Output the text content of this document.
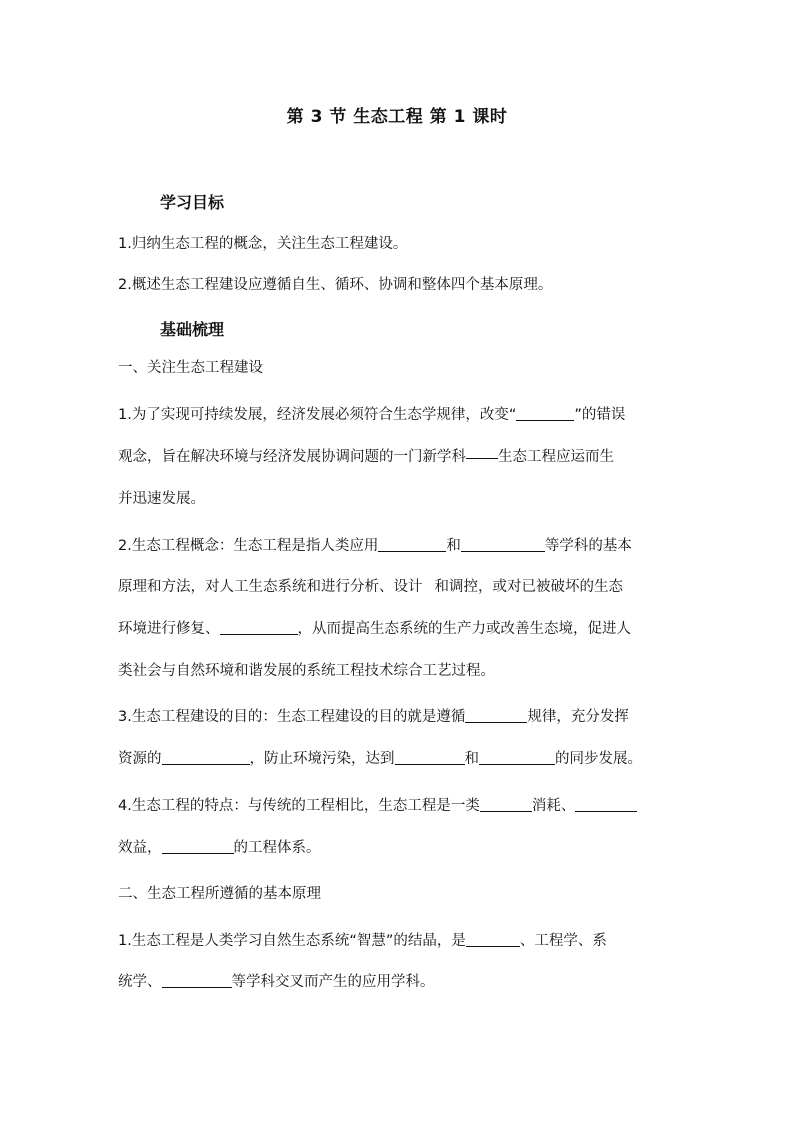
第 3 节 生态工程 第 1 课时
学习目标
1.归纳生态工程的概念，关注生态工程建设。
2.概述生态工程建设应遵循自生、循环、协调和整体四个基本原理。
基础梳理
一、关注生态工程建设
1.为了实现可持续发展，经济发展必须符合生态学规律，改变“	”的错误
观念，旨在解决环境与经济发展协调问题的一门新学科 生态工程应运而生
并迅速发展。
2.生态工程概念：生态工程是指人类应用	和	等学科的基本
原理和方法，对人工生态系统和进行分析、设计 和调控，或对已被破坏的生态
环境进行修复、	，从而提高生态系统的生产力或改善生态境，促进人
类社会与自然环境和谐发展的系统工程技术综合工艺过程。
3.生态工程建设的目的：生态工程建设的目的就是遵循	规律，充分发挥
资源的	，防止环境污染，达到	和	的同步发展。
4.生态工程的特点：与传统的工程相比，生态工程是一类	消耗、
效益，	的工程体系。
二、生态工程所遵循的基本原理
1.生态工程是人类学习自然生态系统“智慧”的结晶，是	、工程学、系
统学、	等学科交叉而产生的应用学科。
